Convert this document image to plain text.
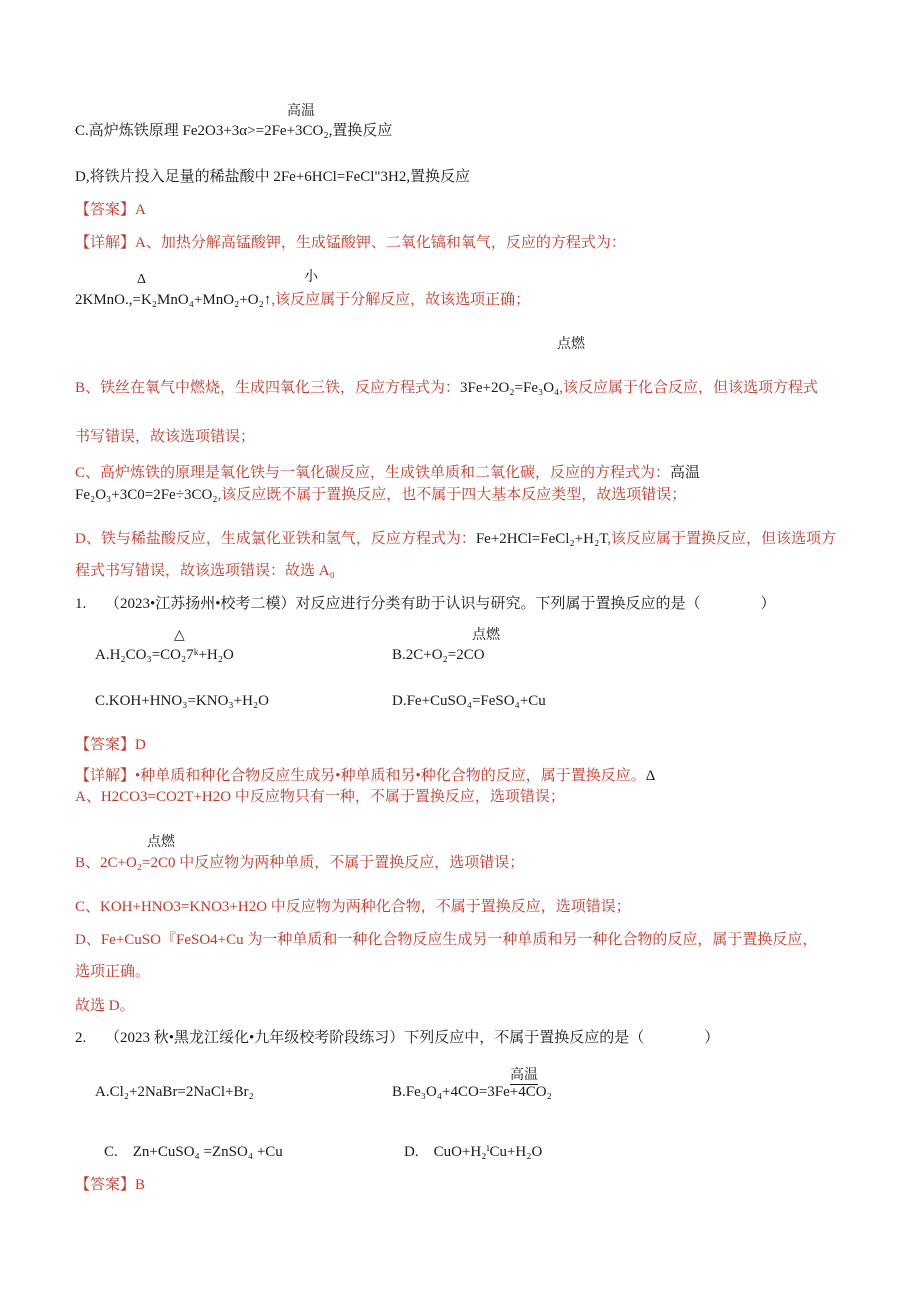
高温
C.高炉炼铁原理 Fe2O3+3α>=2Fe+3CO₂,置换反应
D,将铁片投入足量的稀盐酸中 2Fe+6HCl=FeCl"3H2,置换反应
【答案】A
【详解】A、加热分解高锰酸钾，生成锰酸钾、二氧化镐和氧气，反应的方程式为：
Δ	小
2KMnO.,=K₂MnO₄+MnO₂+O₂↑,该反应属于分解反应，故该选项正确；
点燃
B、铁丝在氧气中燃烧，生成四氧化三铁，反应方程式为：3Fe+2O₂=Fe₃O₄,该反应属于化合反应，但该选项方程式
书写错误，故该选项错误；
C、高炉炼铁的原理是氧化铁与一氧化碳反应，生成铁单质和二氧化碳，反应的方程式为：高温
Fe₂O₃+3C0=2Fe÷3CO₂,该反应既不属于置换反应，也不属于四大基本反应类型，故选项错误；
D、铁与稀盐酸反应，生成氯化亚铁和氢气，反应方程式为：Fe+2HCl=FeCl₂+H₂T,该反应属于置换反应，但该选项方
程式书写错误，故该选项错误：故选 A₀
1. （2023•江苏扬州•校考二模）对反应进行分类有助于认识与研究。下列属于置换反应的是（　　　　）
△	点燃
A.H₂CO₃=CO₂7ᵏ+H₂O	B.2C+O₂=2CO
C.KOH+HNO₃=KNO₃+H₂O	D.Fe+CuSO₄=FeSO₄+Cu
【答案】D
【详解】•种单质和种化合物反应生成另•种单质和另•种化合物的反应，属于置换反应。Δ
A、H2CO3=CO2T+H2O 中反应物只有一种，不属于置换反应，选项错误；
点燃
B、2C+O₂=2C0 中反应物为两种单质，不属于置换反应，选项错误；
C、KOH+HNO3=KNO3+H2O 中反应物为两种化合物，不属于置换反应，选项错误；
D、Fe+CuSO『FeSO4+Cu 为一种单质和一种化合物反应生成另一种单质和另一种化合物的反应，属于置换反应，
选项正确。
故选 D。
2. （2023 秋•黑龙江绥化•九年级校考阶段练习）下列反应中，不属于置换反应的是（　　　　）
高温
A.Cl₂+2NaBr=2NaCl+Br₂	B.Fe₃O₄+4CO=3Fe+4CO₂
C.　Zn+CuSO₄ =ZnSO₄ +Cu	D.　CuO+H₂ⁱCu+H₂O
【答案】B
